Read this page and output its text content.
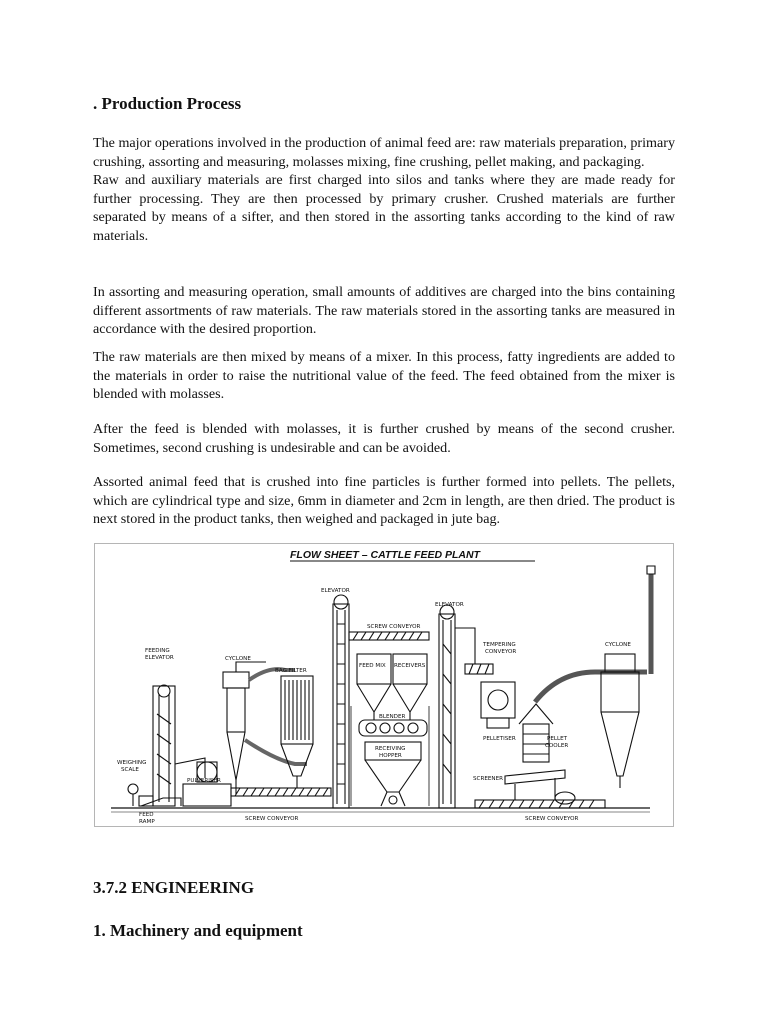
. Production Process
The major operations involved in the production of animal feed are: raw materials preparation, primary crushing, assorting and measuring, molasses mixing, fine crushing, pellet making, and packaging.
Raw and auxiliary materials are first charged into silos and tanks where they are made ready for further processing. They are then processed by primary crusher. Crushed materials are further separated by means of a sifter, and then stored in the assorting tanks according to the kind of raw materials.
In assorting and measuring operation, small amounts of additives are charged into the bins containing different assortments of raw materials. The raw materials stored in the assorting tanks are measured in accordance with the desired proportion.
The raw materials are then mixed by means of a mixer. In this process, fatty ingredients are added to the materials in order to raise the nutritional value of the feed. The feed obtained from the mixer is blended with molasses.
After the feed is blended with molasses, it is further crushed by means of the second crusher. Sometimes, second crushing is undesirable and can be avoided.
Assorted animal feed that is crushed into fine particles is further formed into pellets. The pellets, which are cylindrical type and size, 6mm in diameter and 2cm in length, are then dried. The product is next stored in the product tanks, then weighed and packaged in jute bag.
FLOW SHEET – CATTLE FEED PLANT
FEEDING
ELEVATOR
WEIGHING
SCALE
FEED
RAMP
PULVERISER
CYCLONE
BAG FILTER
SCREW CONVEYOR
ELEVATOR
SCREW CONVEYOR
FEED MIX RECEIVERS
BLENDER
RECEIVING
HOPPER
ELEVATOR
TEMPERING
CONVEYOR
PELLETISER	PELLET
COOLER
SCREENER
CYCLONE
SCREW CONVEYOR
3.7.2 ENGINEERING
1. Machinery and equipment
